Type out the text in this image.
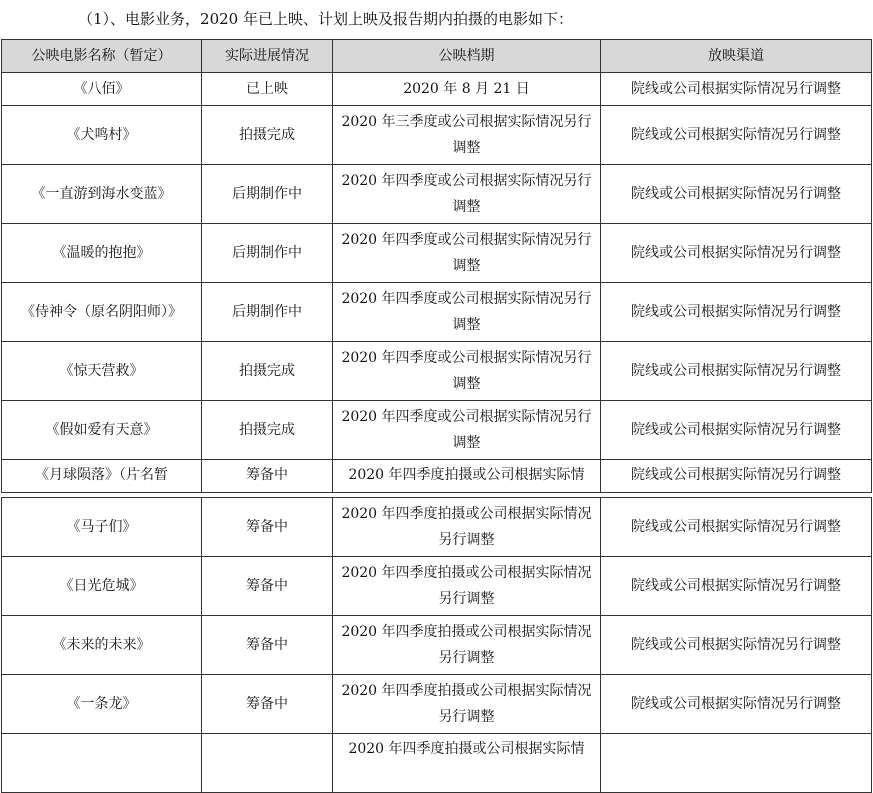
（1）、电影业务，2020 年已上映、计划上映及报告期内拍摄的电影如下：
公映电影名称（暂定）	实际进展情况	公映档期	放映渠道
《八佰》	已上映	2020 年 8 月 21 日	院线或公司根据实际情况另行调整
《犬鸣村》	拍摄完成	2020 年三季度或公司根据实际情况另行调整	院线或公司根据实际情况另行调整
《一直游到海水变蓝》	后期制作中	2020 年四季度或公司根据实际情况另行调整	院线或公司根据实际情况另行调整
《温暖的抱抱》	后期制作中	2020 年四季度或公司根据实际情况另行调整	院线或公司根据实际情况另行调整
《侍神令（原名阴阳师）》	后期制作中	2020 年四季度或公司根据实际情况另行调整	院线或公司根据实际情况另行调整
《惊天营救》	拍摄完成	2020 年四季度或公司根据实际情况另行调整	院线或公司根据实际情况另行调整
《假如爱有天意》	拍摄完成	2020 年四季度或公司根据实际情况另行调整	院线或公司根据实际情况另行调整
《月球陨落》（片名暂	筹备中	2020 年四季度拍摄或公司根据实际情	院线或公司根据实际情况另行调整
《马子们》	筹备中	2020 年四季度拍摄或公司根据实际情况另行调整	院线或公司根据实际情况另行调整
《日光危城》	筹备中	2020 年四季度拍摄或公司根据实际情况另行调整	院线或公司根据实际情况另行调整
《未来的未来》	筹备中	2020 年四季度拍摄或公司根据实际情况另行调整	院线或公司根据实际情况另行调整
《一条龙》	筹备中	2020 年四季度拍摄或公司根据实际情况另行调整	院线或公司根据实际情况另行调整
		2020 年四季度拍摄或公司根据实际情	
